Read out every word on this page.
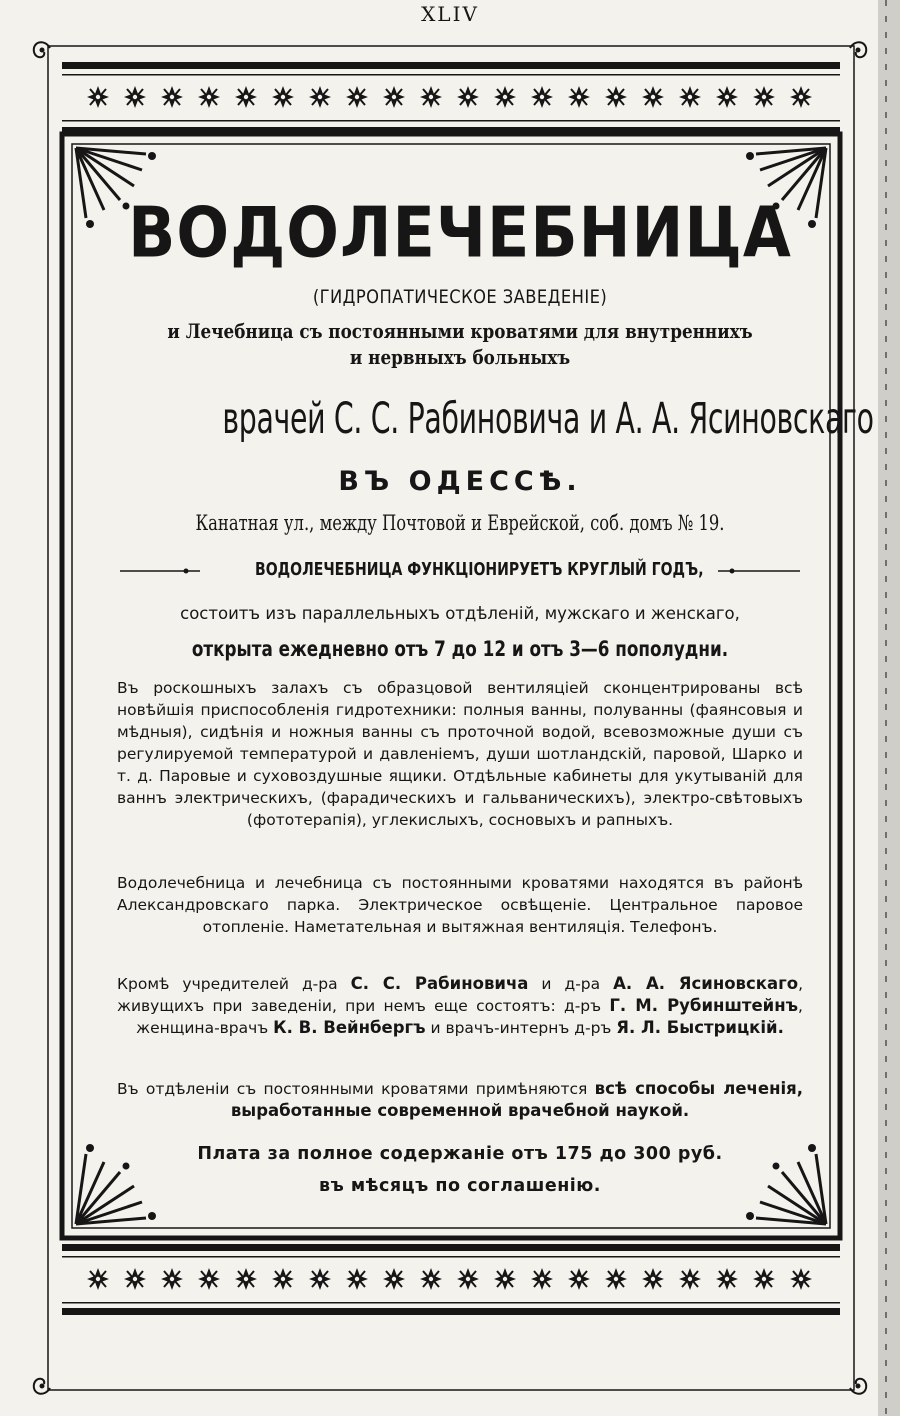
XLIV
ВОДОЛЕЧЕБНИЦА
(ГИДРОПАТИЧЕСКОЕ ЗАВЕДЕНІЕ)
и Лечебница съ постоянными кроватями для внутреннихъ
и нервныхъ больныхъ
врачей С. С. Рабиновича и А. А. Ясиновскаго
ВЪ ОДЕССѢ.
Канатная ул., между Почтовой и Еврейской, соб. домъ № 19.
ВОДОЛЕЧЕБНИЦА ФУНКЦІОНИРУЕТЪ КРУГЛЫЙ ГОДЪ,
состоитъ изъ параллельныхъ отдѣленій, мужскаго и женскаго,
открыта ежедневно отъ 7 до 12 и отъ 3—6 пополудни.

Въ роскошныхъ залахъ съ образцовой вентиляціей сконцентрированы всѣ новѣйшія приспособленія гидротехники: полныя ванны, полуванны (фаянсовыя и мѣдныя), сидѣнія и ножныя ванны съ проточной водой, всевозможные души съ регулируемой температурой и давленіемъ, души шотландскій, паровой, Шарко и т. д. Паровые и суховоздушные ящики. Отдѣльные кабинеты для укутываній для ваннъ электрическихъ, (фарадическихъ и гальваническихъ), электро-свѣтовыхъ (фототерапія), углекислыхъ, сосновыхъ и рапныхъ.

Водолечебница и лечебница съ постоянными кроватями находятся въ районѣ Александровскаго парка. Электрическое освѣщеніе. Центральное паровое отопленіе. Наметательная и вытяжная вентиляція. Телефонъ.

Кромѣ учредителей д-ра С. С. Рабиновича и д-ра А. А. Ясиновскаго, живущихъ при заведеніи, при немъ еще состоятъ: д-ръ Г. М. Рубинштейнъ, женщина-врачъ К. В. Вейнбергъ и врачъ-интернъ д-ръ Я. Л. Быстрицкій.

Въ отдѣленіи съ постоянными кроватями примѣняются всѣ способы леченія, выработанные современной врачебной наукой.

Плата за полное содержаніе отъ 175 до 300 руб.
въ мѣсяцъ по соглашенію.
